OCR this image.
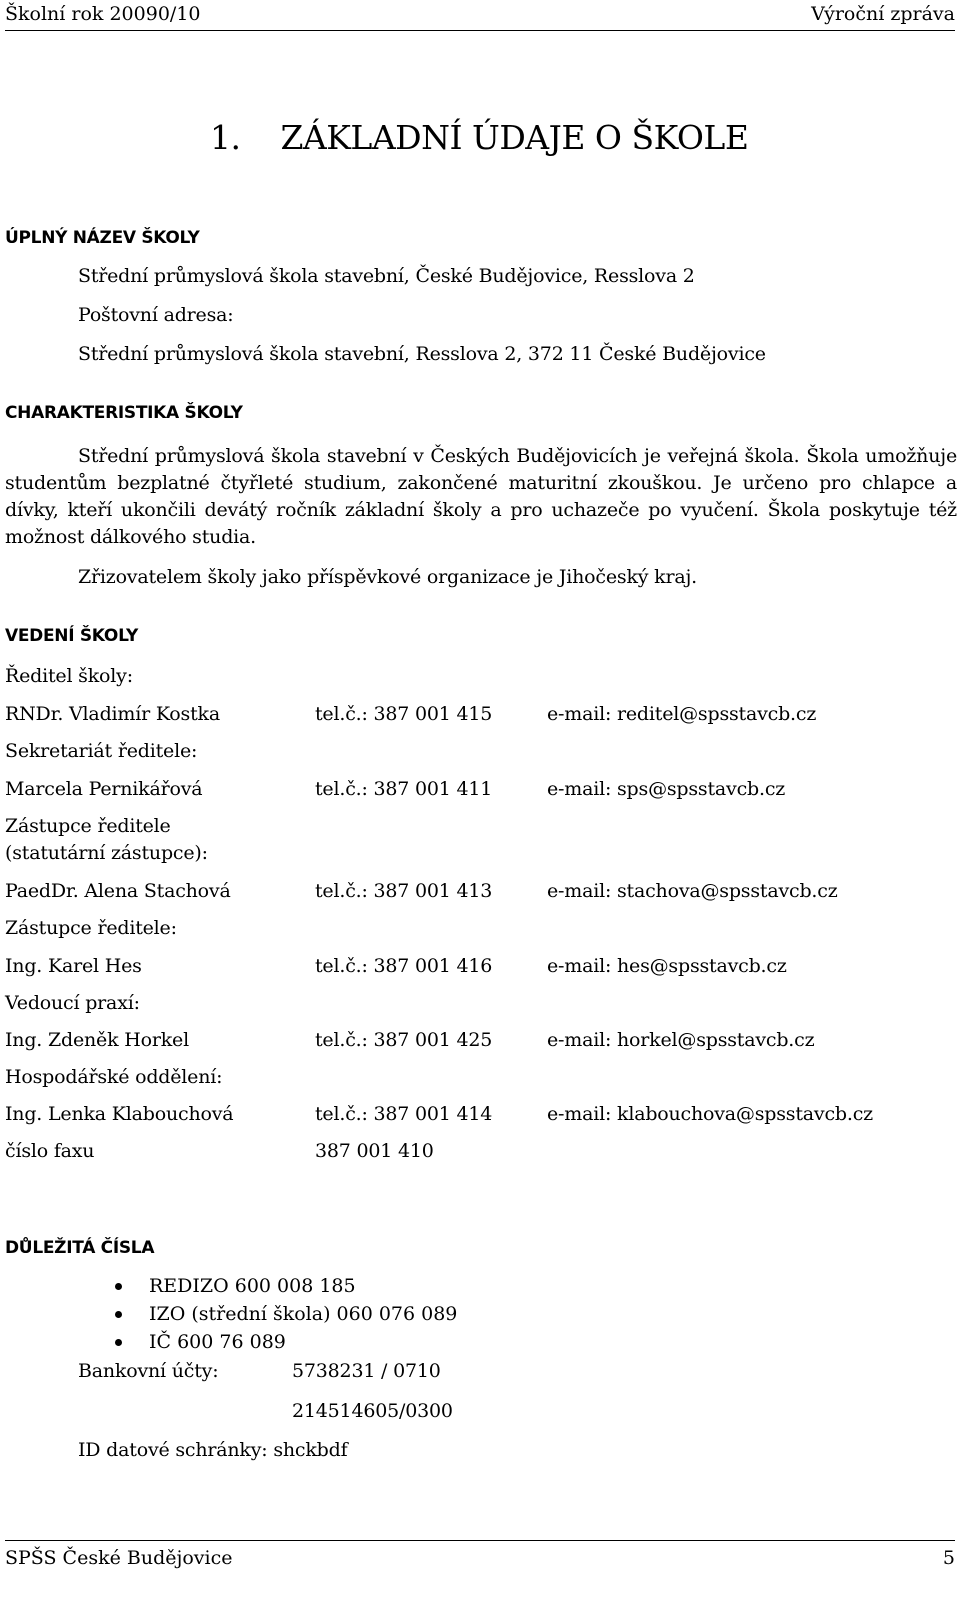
Školní rok 20090/10	Výroční zpráva
1. ZÁKLADNÍ ÚDAJE O ŠKOLE
ÚPLNÝ NÁZEV ŠKOLY
Střední průmyslová škola stavební, České Budějovice, Resslova 2
Poštovní adresa:
Střední průmyslová škola stavební, Resslova 2, 372 11 České Budějovice
CHARAKTERISTIKA ŠKOLY

Střední průmyslová škola stavební v Českých Budějovicích je veřejná škola. Škola umožňuje studentům bezplatné čtyřleté studium, zakončené maturitní zkouškou. Je určeno pro chlapce a dívky, kteří ukončili devátý ročník základní školy a pro uchazeče po vyučení. Škola poskytuje též možnost dálkového studia.

Zřizovatelem školy jako příspěvkové organizace je Jihočeský kraj.
VEDENÍ ŠKOLY
Ředitel školy:
RNDr. Vladimír Kostka	tel.č.: 387 001 415	e-mail: reditel@spsstavcb.cz
Sekretariát ředitele:
Marcela Pernikářová	tel.č.: 387 001 411	e-mail: sps@spsstavcb.cz
Zástupce ředitele
(statutární zástupce):
PaedDr. Alena Stachová	tel.č.: 387 001 413	e-mail: stachova@spsstavcb.cz
Zástupce ředitele:
Ing. Karel Hes	tel.č.: 387 001 416	e-mail: hes@spsstavcb.cz
Vedoucí praxí:
Ing. Zdeněk Horkel	tel.č.: 387 001 425	e-mail: horkel@spsstavcb.cz
Hospodářské oddělení:
Ing. Lenka Klabouchová	tel.č.: 387 001 414	e-mail: klabouchova@spsstavcb.cz
číslo faxu	387 001 410
DŮLEŽITÁ ČÍSLA
REDIZO 600 008 185
IZO (střední škola) 060 076 089
IČ 600 76 089
Bankovní účty:	5738231 / 0710
214514605/0300
ID datové schránky: shckbdf
SPŠS České Budějovice	5
